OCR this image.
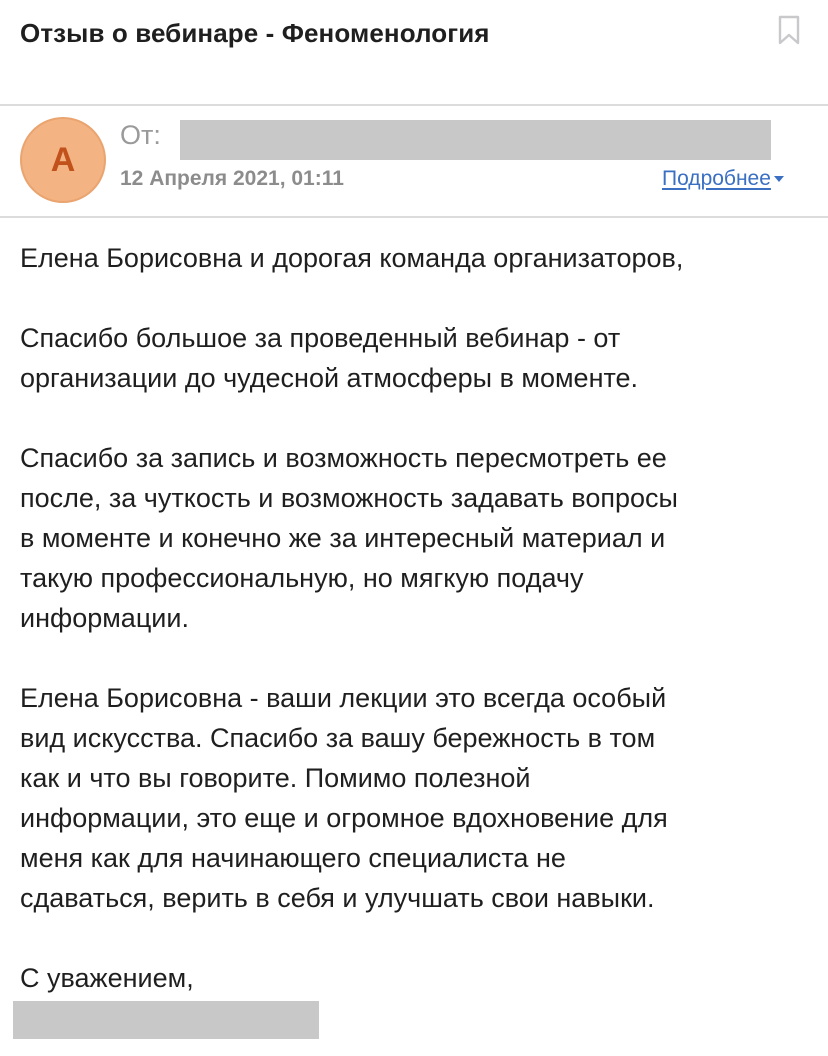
Отзыв о вебинаре - Феноменология
А
От:
12 Апреля 2021, 01:11	Подробнее

Елена Борисовна и дорогая команда организаторов,

Спасибо большое за проведенный вебинар - от
организации до чудесной атмосферы в моменте.

Спасибо за запись и возможность пересмотреть ее
после, за чуткость и возможность задавать вопросы
в моменте и конечно же за интересный материал и
такую профессиональную, но мягкую подачу
информации.

Елена Борисовна - ваши лекции это всегда особый
вид искусства. Спасибо за вашу бережность в том
как и что вы говорите. Помимо полезной
информации, это еще и огромное вдохновение для
меня как для начинающего специалиста не
сдаваться, верить в себя и улучшать свои навыки.

С уважением,
